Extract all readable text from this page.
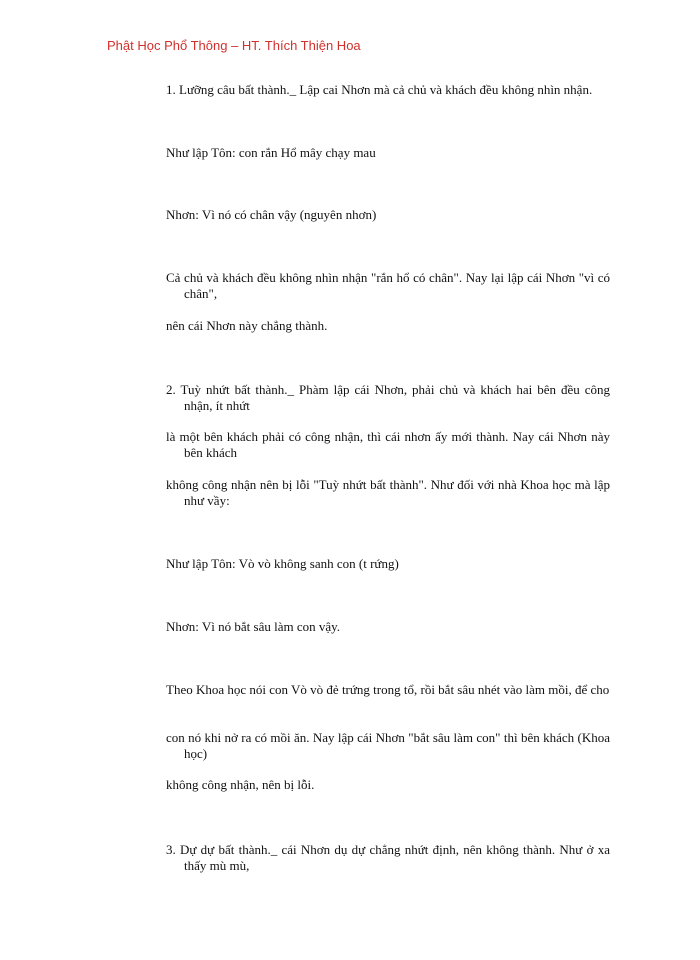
Phật Học Phổ Thông – HT. Thích Thiện Hoa
1. Lưỡng câu bất thành._ Lập cai Nhơn mà cả chủ và khách đều không nhìn nhận.
Như lập Tôn: con rắn Hổ mây chạy mau
Nhơn: Vì nó có chân vậy (nguyên nhơn)
Cả chủ và khách đều không nhìn nhận "rắn hổ có chân". Nay lại lập cái Nhơn "vì có chân",
nên cái Nhơn này chẳng thành.
2. Tuỳ nhứt bất thành._ Phàm lập cái Nhơn, phải chủ và khách hai bên đều công nhận, ít nhứt
là một bên khách phải có công nhận, thì cái nhơn ấy mới thành. Nay cái Nhơn này bên khách
không công nhận nên bị lỗi "Tuỳ nhứt bất thành". Như đối với nhà Khoa học mà lập như vầy:
Như lập Tôn: Vò vò không sanh con (t rứng)
Nhơn: Vì nó bắt sâu làm con vậy.
Theo Khoa học nói con Vò vò đẻ trứng trong tổ, rồi bắt sâu nhét vào làm mồi, để cho
con nó khi nở ra có mồi ăn. Nay lập cái Nhơn "bắt sâu làm con" thì bên khách (Khoa học)
không công nhận, nên bị lỗi.
3. Dự dự bất thành._ cái Nhơn dụ dự chẳng nhứt định, nên không thành. Như ở xa thấy mù mù,
